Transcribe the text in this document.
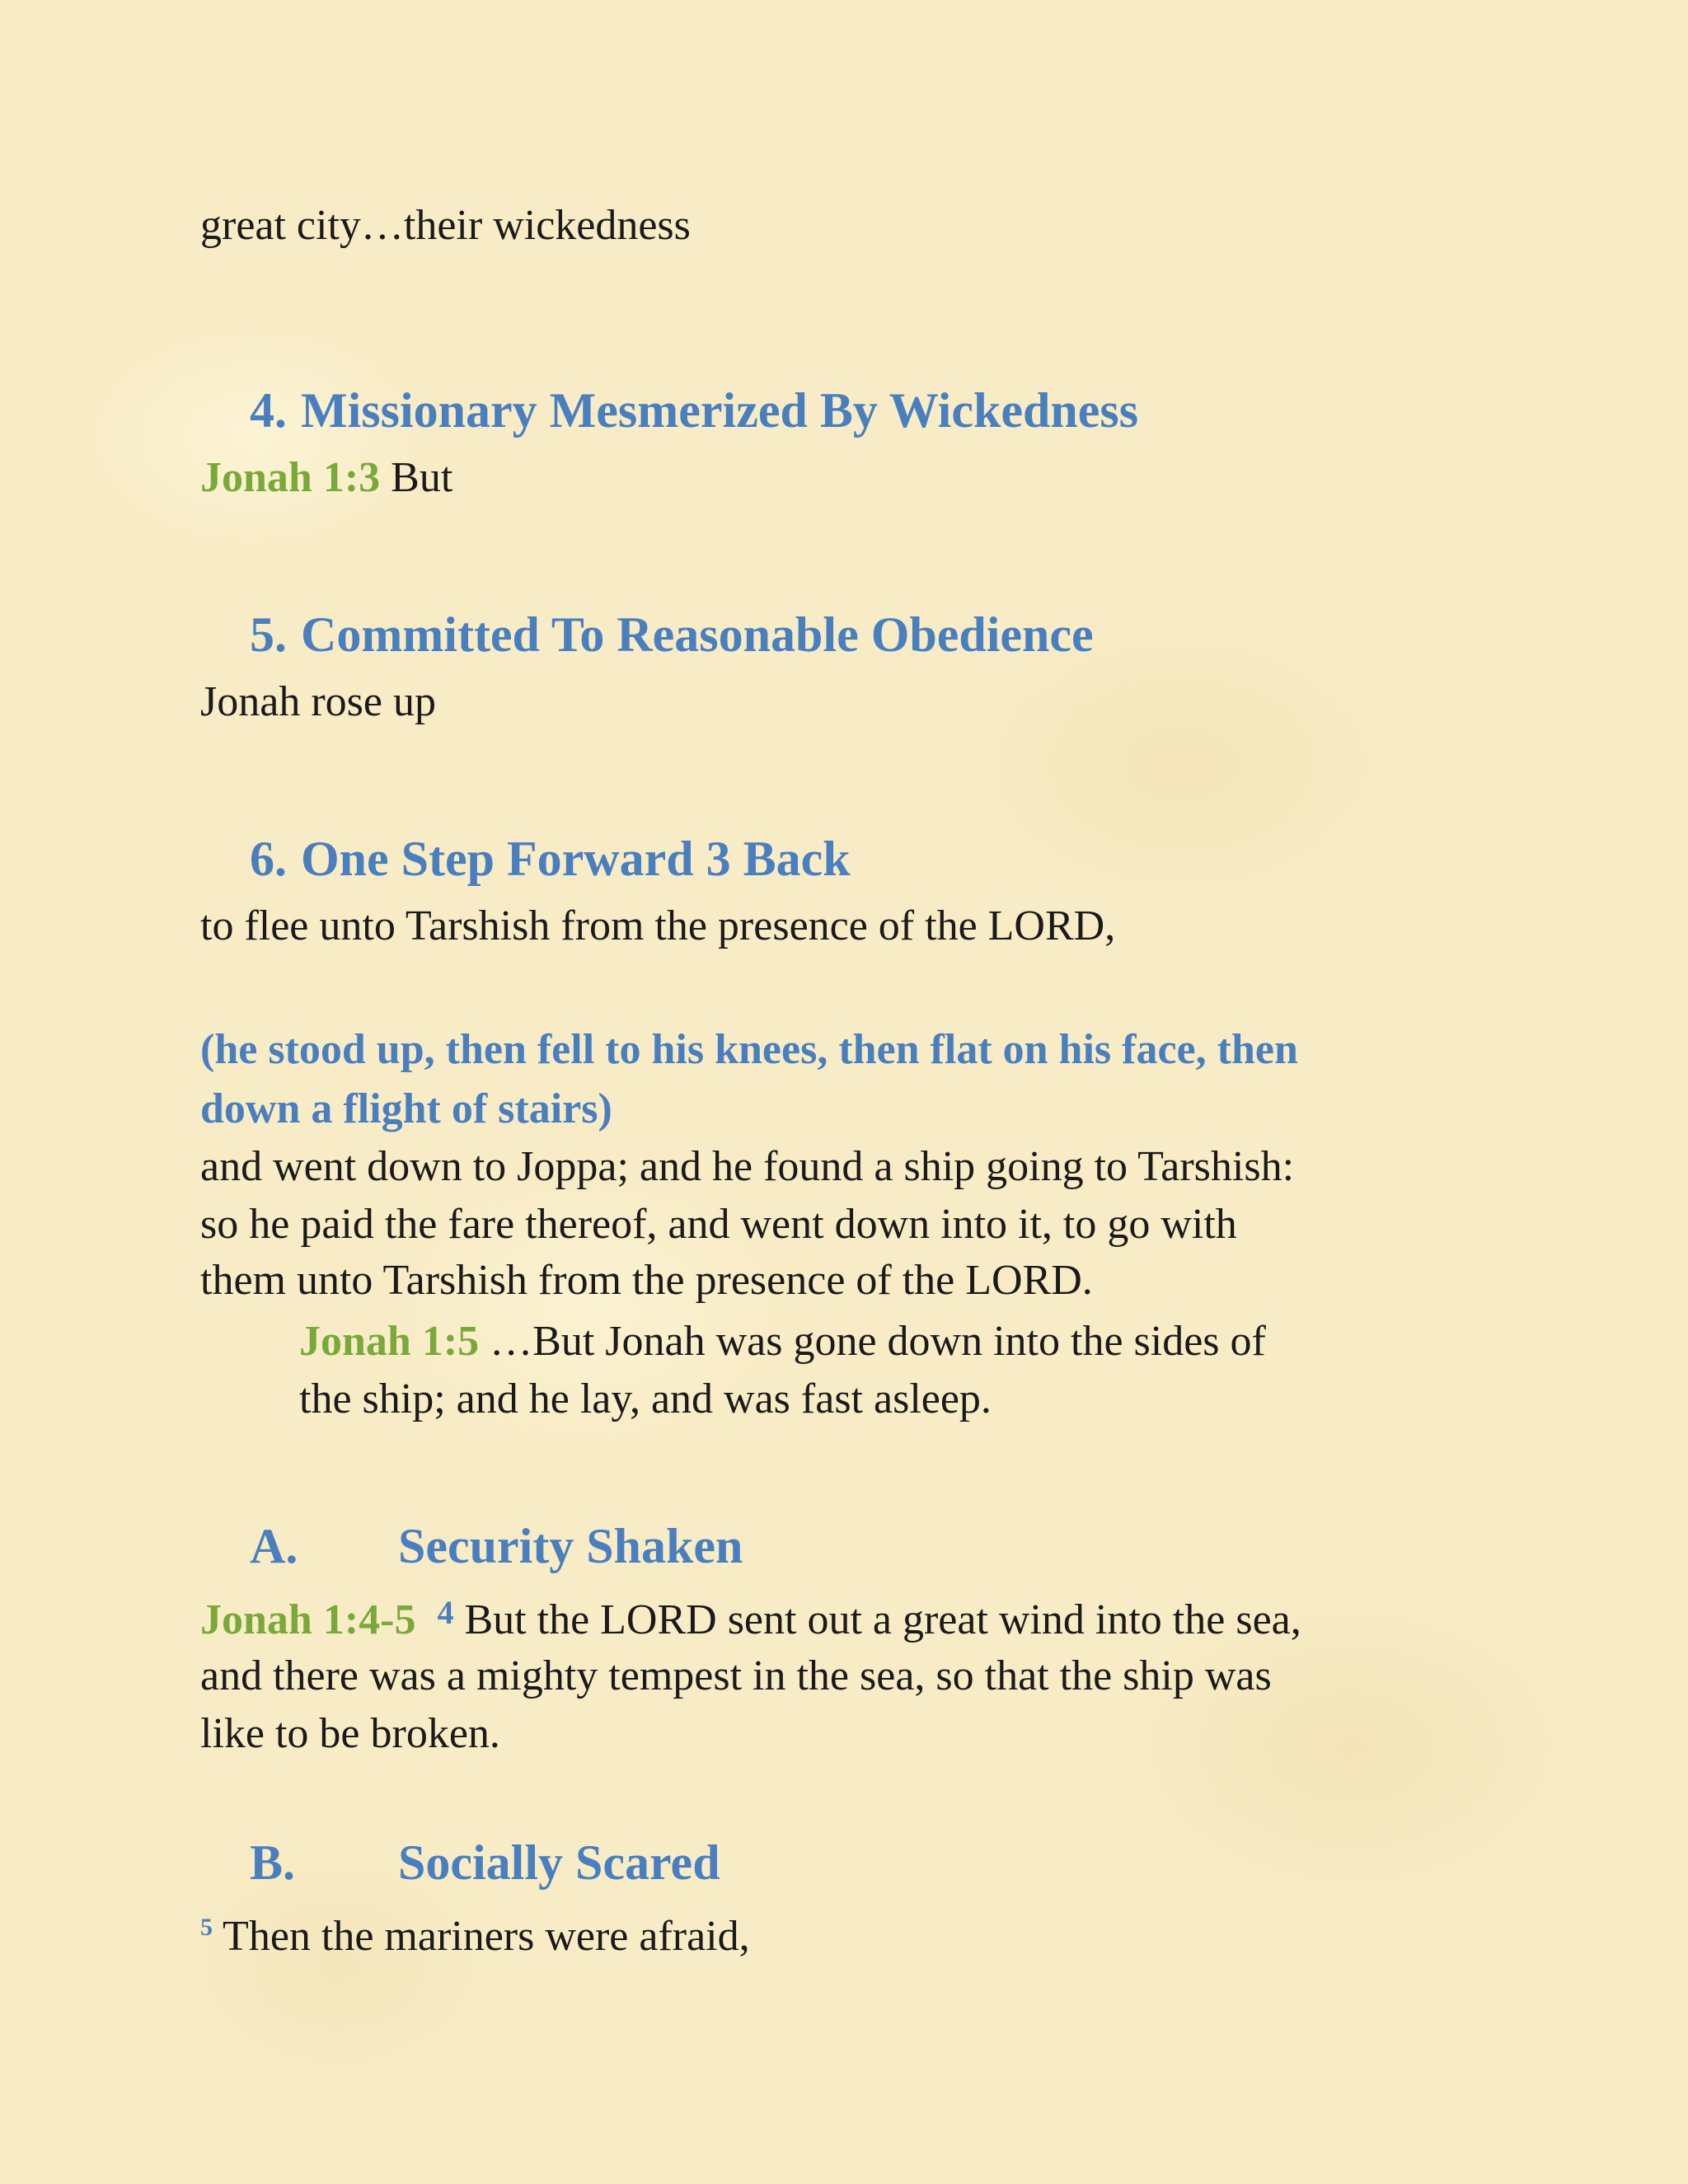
great city…their wickedness
4. Missionary Mesmerized By Wickedness
Jonah 1:3 But
5. Committed To Reasonable Obedience
Jonah rose up
6. One Step Forward 3 Back
to flee unto Tarshish from the presence of the LORD,
(he stood up, then fell to his knees, then flat on his face, then
down a flight of stairs)
and went down to Joppa; and he found a ship going to Tarshish:
so he paid the fare thereof, and went down into it, to go with
them unto Tarshish from the presence of the LORD.
Jonah 1:5 …But Jonah was gone down into the sides of
the ship; and he lay, and was fast asleep.
A. Security Shaken
Jonah 1:4-5 $^4$ But the LORD sent out a great wind into the sea,
and there was a mighty tempest in the sea, so that the ship was
like to be broken.
B. Socially Scared
$^5$ Then the mariners were afraid,
